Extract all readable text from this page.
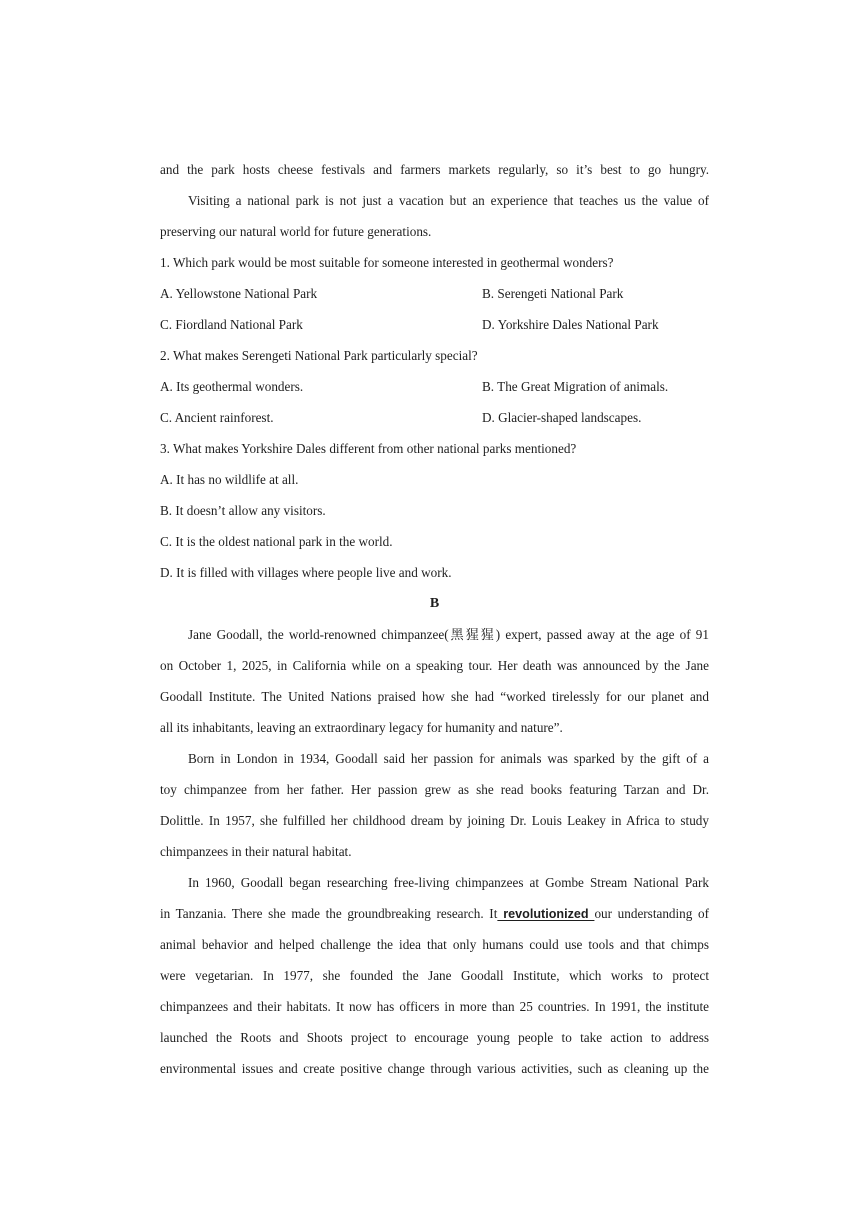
and the park hosts cheese festivals and farmers markets regularly, so it’s best to go hungry.
Visiting a national park is not just a vacation but an experience that teaches us the value of
preserving our natural world for future generations.
1. Which park would be most suitable for someone interested in geothermal wonders?
A. Yellowstone National Park	B. Serengeti National Park
C. Fiordland National Park	D. Yorkshire Dales National Park
2. What makes Serengeti National Park particularly special?
A. Its geothermal wonders.	B. The Great Migration of animals.
C. Ancient rainforest.	D. Glacier-shaped landscapes.
3. What makes Yorkshire Dales different from other national parks mentioned?
A. It has no wildlife at all.
B. It doesn’t allow any visitors.
C. It is the oldest national park in the world.
D. It is filled with villages where people live and work.
B
Jane Goodall, the world-renowned chimpanzee(黑猩猩) expert, passed away at the age of 91
on October 1, 2025, in California while on a speaking tour. Her death was announced by the Jane
Goodall Institute. The United Nations praised how she had “worked tirelessly for our planet and
all its inhabitants, leaving an extraordinary legacy for humanity and nature”.
Born in London in 1934, Goodall said her passion for animals was sparked by the gift of a
toy chimpanzee from her father. Her passion grew as she read books featuring Tarzan and Dr.
Dolittle. In 1957, she fulfilled her childhood dream by joining Dr. Louis Leakey in Africa to study
chimpanzees in their natural habitat.
In 1960, Goodall began researching free-living chimpanzees at Gombe Stream National Park
in Tanzania. There she made the groundbreaking research. It revolutionized our understanding of
animal behavior and helped challenge the idea that only humans could use tools and that chimps
were vegetarian. In 1977, she founded the Jane Goodall Institute, which works to protect
chimpanzees and their habitats. It now has officers in more than 25 countries. In 1991, the institute
launched the Roots and Shoots project to encourage young people to take action to address
environmental issues and create positive change through various activities, such as cleaning up the
